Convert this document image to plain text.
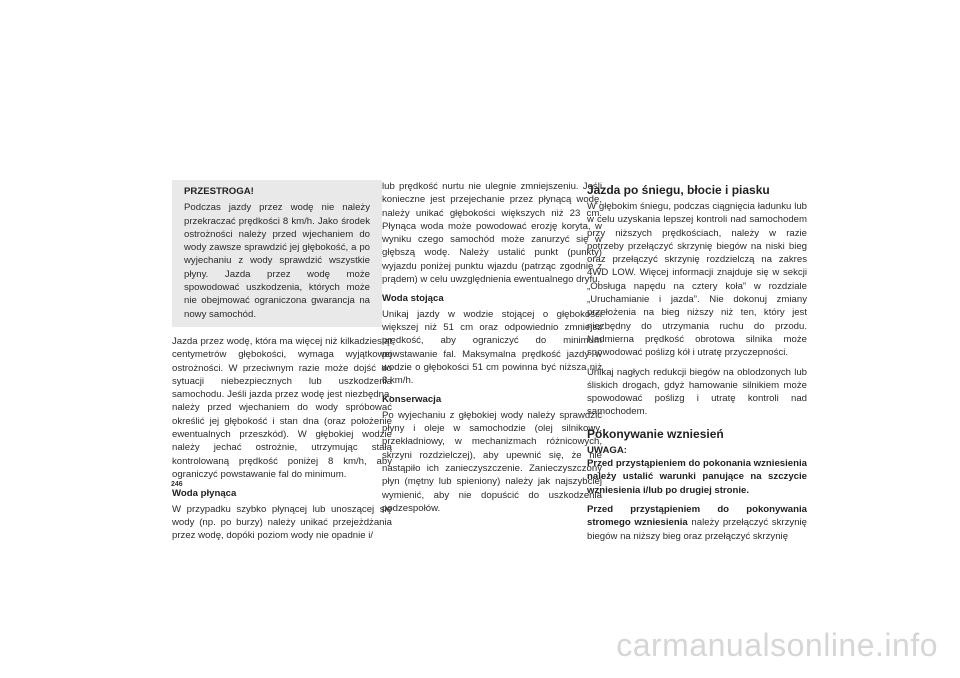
PRZESTROGA!

Podczas jazdy przez wodę nie należy przekraczać prędkości 8 km/h. Jako środek ostrożności należy przed wjechaniem do wody zawsze sprawdzić jej głębokość, a po wyjechaniu z wody sprawdzić wszystkie płyny. Jazda przez wodę może spowodować uszkodzenia, których może nie obejmować ograniczona gwarancja na nowy samochód.

Jazda przez wodę, która ma więcej niż kilkadziesiąt centymetrów głębokości, wymaga wyjątkowej ostrożności. W przeciwnym razie może dojść do sytuacji niebezpiecznych lub uszkodzenia samochodu. Jeśli jazda przez wodę jest niezbędna, należy przed wjechaniem do wody spróbować określić jej głębokość i stan dna (oraz położenie ewentualnych przeszkód). W głębokiej wodzie należy jechać ostrożnie, utrzymując stałą kontrolowaną prędkość poniżej 8 km/h, aby ograniczyć powstawanie fal do minimum.

Woda płynąca

W przypadku szybko płynącej lub unoszącej się wody (np. po burzy) należy unikać przejeżdżania przez wodę, dopóki poziom wody nie opadnie i/

lub prędkość nurtu nie ulegnie zmniejszeniu. Jeśli konieczne jest przejechanie przez płynącą wodę, należy unikać głębokości większych niż 23 cm. Płynąca woda może powodować erozję koryta, w wyniku czego samochód może zanurzyć się w głębszą wodę. Należy ustalić punkt (punkty) wyjazdu poniżej punktu wjazdu (patrząc zgodnie z prądem) w celu uwzględnienia ewentualnego dryfu.

Woda stojąca

Unikaj jazdy w wodzie stojącej o głębokości większej niż 51 cm oraz odpowiednio zmniejsz prędkość, aby ograniczyć do minimum powstawanie fal. Maksymalna prędkość jazdy w wodzie o głębokości 51 cm powinna być niższa niż 8 km/h.

Konserwacja

Po wyjechaniu z głębokiej wody należy sprawdzić płyny i oleje w samochodzie (olej silnikowy, przekładniowy, w mechanizmach różnicowych, skrzyni rozdzielczej), aby upewnić się, że nie nastąpiło ich zanieczyszczenie. Zanieczyszczony płyn (mętny lub spieniony) należy jak najszybciej wymienić, aby nie dopuścić do uszkodzenia podzespołów.

Jazda po śniegu, błocie i piasku

W głębokim śniegu, podczas ciągnięcia ładunku lub w celu uzyskania lepszej kontroli nad samochodem przy niższych prędkościach, należy w razie potrzeby przełączyć skrzynię biegów na niski bieg oraz przełączyć skrzynię rozdzielczą na zakres 4WD LOW. Więcej informacji znajduje się w sekcji „Obsługa napędu na cztery koła” w rozdziale „Uruchamianie i jazda”. Nie dokonuj zmiany przełożenia na bieg niższy niż ten, który jest niezbędny do utrzymania ruchu do przodu. Nadmierna prędkość obrotowa silnika może spowodować poślizg kół i utratę przyczepności.

Unikaj nagłych redukcji biegów na oblodzonych lub śliskich drogach, gdyż hamowanie silnikiem może spowodować poślizg i utratę kontroli nad samochodem.

Pokonywanie wzniesień
UWAGA:

Przed przystąpieniem do pokonania wzniesienia należy ustalić warunki panujące na szczycie wzniesienia i/lub po drugiej stronie.

Przed przystąpieniem do pokonywania stromego wzniesienia należy przełączyć skrzynię biegów na niższy bieg oraz przełączyć skrzynię

246
carmanualsonline.info
